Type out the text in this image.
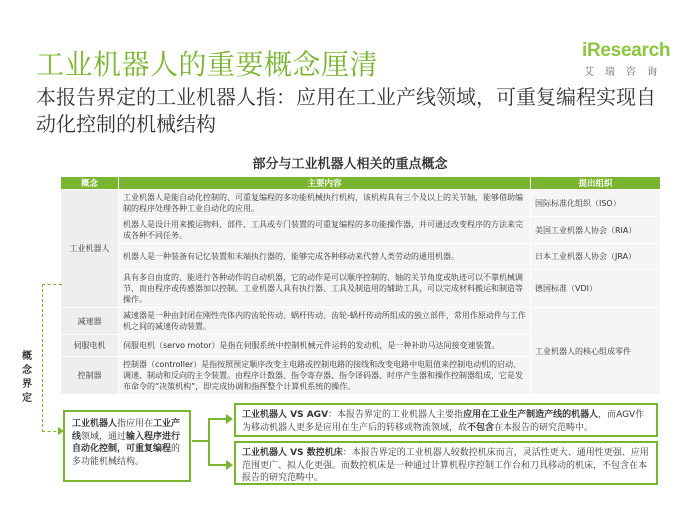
iResearch
艾瑞咨询
工业机器人的重要概念厘清
本报告界定的工业机器人指：应用在工业产线领域，可重复编程实现自动化控制的机械结构
部分与工业机器人相关的重点概念
概念	主要内容	提出组织
工业机器人	工业机器人是能自动化控制的、可重复编程的多功能机械执行机构，该机构具有三个及以上的关节轴，能够借助编制的程序处理各种工业自动化的应用。	国际标准化组织（ISO）
	机器人是设计用来搬运物料、部件、工具或专门装置的可重复编程的多功能操作器，并可通过改变程序的方法来完成各种不同任务。	美国工业机器人协会（RIA）
	机器人是一种装备有记忆装置和末端执行器的，能够完成各种移动来代替人类劳动的通用机器。	日本工业机器人协会（JRA）
	具有多自由度的、能进行各种动作的自动机器，它的动作是可以顺序控制的、轴的关节角度或轨迹可以不靠机械调节，而由程序或传感器加以控制。工业机器人具有执行器、工具及制造用的辅助工具，可以完成材料搬运和制造等操作。	德国标准（VDI）
减速器	减速器是一种由封闭在刚性壳体内的齿轮传动、蜗杆传动、齿轮-蜗杆传动所组成的独立部件，常用作原动件与工作机之间的减速传动装置。	工业机器人的核心组成零件
伺服电机	伺服电机（servo motor）是指在伺服系统中控制机械元件运转的发动机，是一种补助马达间接变速装置。	
控制器	控制器（controller）是指按照预定顺序改变主电路或控制电路的接线和改变电路中电阻值来控制电动机的启动、调速、制动和反向的主令装置。由程序计数器、指令寄存器、指令译码器、时序产生器和操作控制器组成，它是发布命令的“决策机构”，即完成协调和指挥整个计算机系统的操作。	
概念界定
工业机器人指应用在工业产线领域，通过输入程序进行自动化控制，可重复编程的多功能机械结构。
工业机器人 VS AGV：本报告界定的工业机器人主要指应用在工业生产制造产线的机器人，而AGV作为移动机器人更多是应用在生产后的转移或物流领域，故不包含在本报告的研究范畴中。
工业机器人 VS 数控机床：本报告界定的工业机器人较数控机床而言，灵活性更大、通用性更强、应用范围更广、拟人化更强。而数控机床是一种通过计算机程序控制工作台和刀具移动的机床，不包含在本报告的研究范畴中。
